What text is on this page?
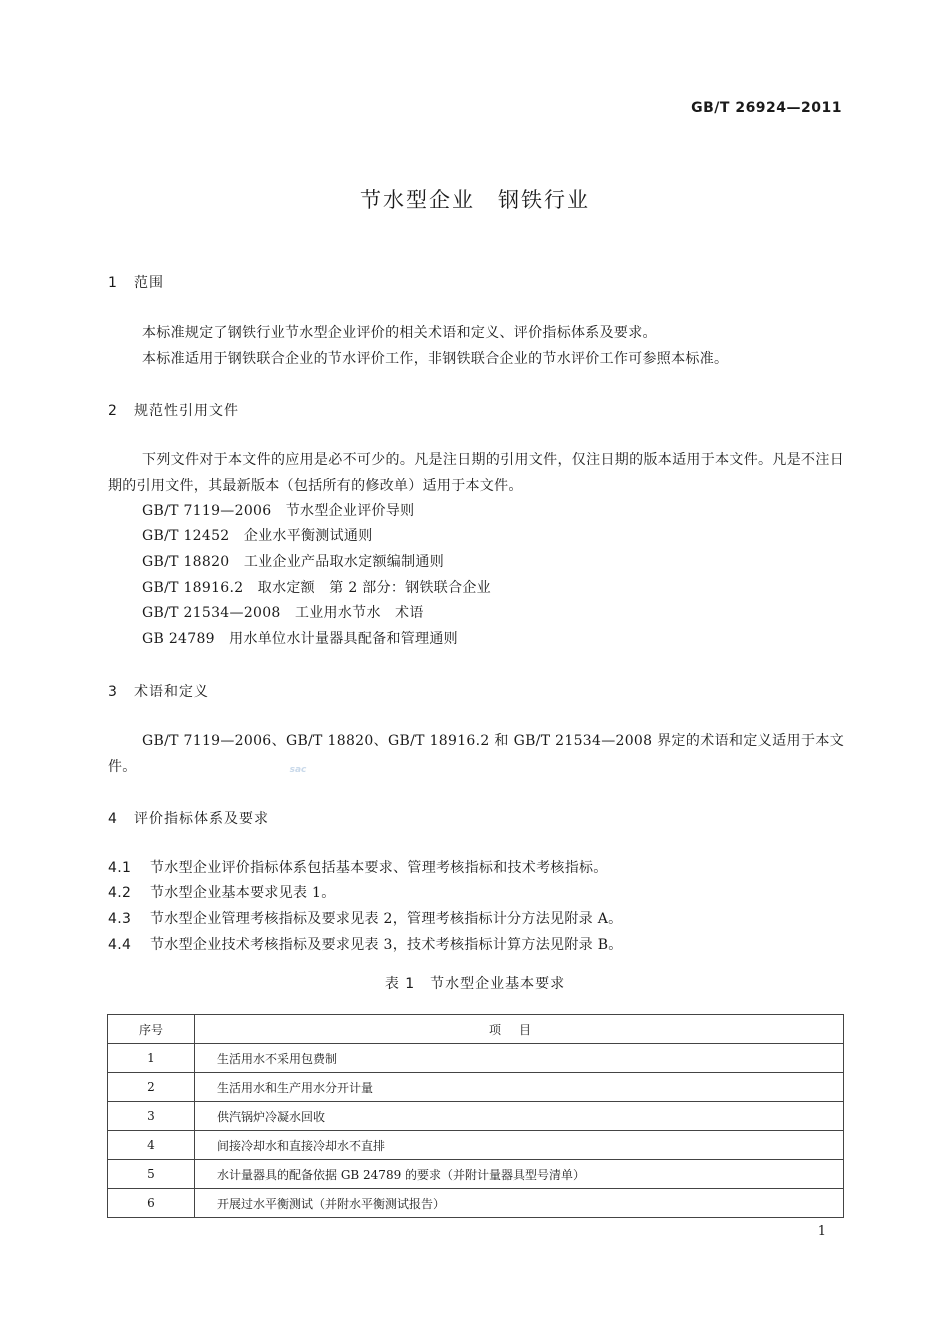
GB/T 26924—2011
节水型企业　钢铁行业
1 范围

本标准规定了钢铁行业节水型企业评价的相关术语和定义、评价指标体系及要求。

本标准适用于钢铁联合企业的节水评价工作，非钢铁联合企业的节水评价工作可参照本标准。

2 规范性引用文件

下列文件对于本文件的应用是必不可少的。凡是注日期的引用文件，仅注日期的版本适用于本文件。凡是不注日期的引用文件，其最新版本（包括所有的修改单）适用于本文件。

GB/T 7119—2006　节水型企业评价导则
GB/T 12452　企业水平衡测试通则
GB/T 18820　工业企业产品取水定额编制通则
GB/T 18916.2　取水定额　第 2 部分：钢铁联合企业
GB/T 21534—2008　工业用水节水　术语
GB 24789　用水单位水计量器具配备和管理通则
3 术语和定义

GB/T 7119—2006、GB/T 18820、GB/T 18916.2 和 GB/T 21534—2008 界定的术语和定义适用于本文件。	sac
4 评价指标体系及要求
4.1 节水型企业评价指标体系包括基本要求、管理考核指标和技术考核指标。
4.2 节水型企业基本要求见表 1。
4.3 节水型企业管理考核指标及要求见表 2，管理考核指标计分方法见附录 A。
4.4 节水型企业技术考核指标及要求见表 3，技术考核指标计算方法见附录 B。
表 1　节水型企业基本要求
序号	项目
1	生活用水不采用包费制
2	生活用水和生产用水分开计量
3	供汽锅炉冷凝水回收
4	间接冷却水和直接冷却水不直排
5	水计量器具的配备依据 GB 24789 的要求（并附计量器具型号清单）
6	开展过水平衡测试（并附水平衡测试报告）
1
